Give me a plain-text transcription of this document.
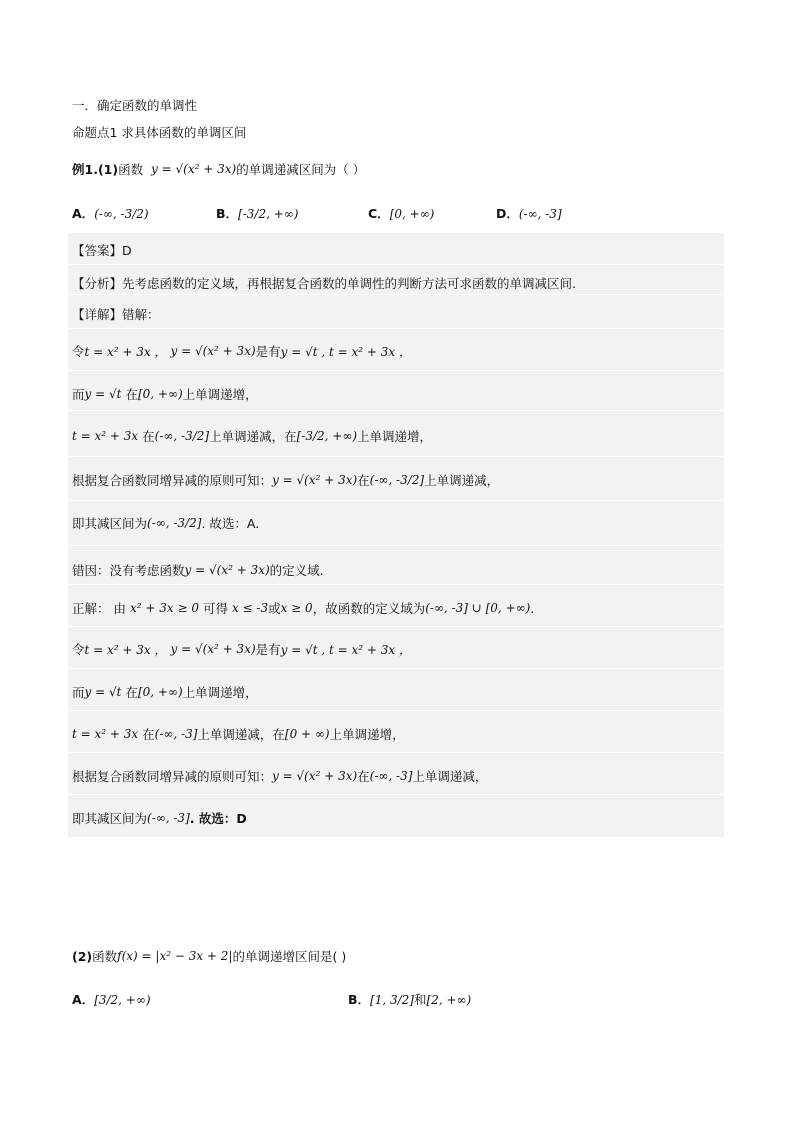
一．确定函数的单调性
命题点1 求具体函数的单调区间
例1. (1) 函数
y = √(x² + 3x) 的单调递减区间为（ ）
A．(-∞, -3/2)	B．[-3/2, +∞)	C．[0, +∞)	D．(-∞, -3]
【答案】D
【分析】先考虑函数的定义域，再根据复合函数的单调性的判断方法可求函数的单调减区间.
【详解】错解：
令 t = x² + 3x ，
y = √(x² + 3x) 是有 y = √t , t = x² + 3x ，
而 y = √t
在 [0, +∞) 上单调递增，
t = x² + 3x
在 (-∞, -3/2] 上单调递减，在 [-3/2, +∞) 上单调递增，
根据复合函数同增异减的原则可知： y = √(x² + 3x) 在 (-∞, -3/2] 上单调递减，
即其减区间为 (-∞, -3/2] . 故选：A.
错因：没有考虑函数 y = √(x² + 3x) 的定义域.
正解： 由
x² + 3x ≥ 0
可得
x ≤ -3 或 x ≥ 0 ，故函数的定义域为 (-∞, -3] ∪ [0, +∞) .
令 t = x² + 3x ，
y = √(x² + 3x) 是有 y = √t , t = x² + 3x ，
而 y = √t
在 [0, +∞) 上单调递增，
t = x² + 3x
在 (-∞, -3] 上单调递减，在 [0 + ∞) 上单调递增，
根据复合函数同增异减的原则可知： y = √(x² + 3x) 在 (-∞, -3] 上单调递减，
即其减区间为 (-∞, -3] . 故选：D
(2) 函数 f(x) = |x² − 3x + 2| 的单调递增区间是( )
A．[3/2, +∞)	B．[1, 3/2]和[2, +∞)
